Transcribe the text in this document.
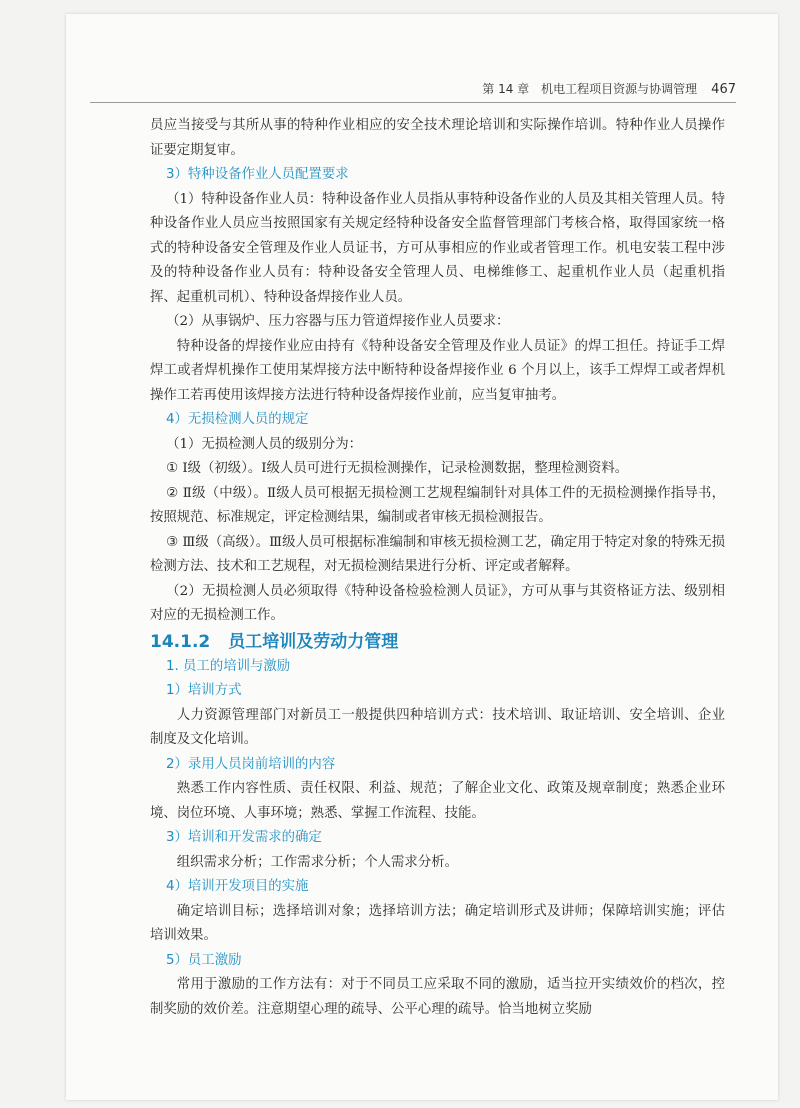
第 14 章　机电工程项目资源与协调管理 467

员应当接受与其所从事的特种作业相应的安全技术理论培训和实际操作培训。特种作业人员操作证要定期复审。

3）特种设备作业人员配置要求

（1）特种设备作业人员：特种设备作业人员指从事特种设备作业的人员及其相关管理人员。特种设备作业人员应当按照国家有关规定经特种设备安全监督管理部门考核合格，取得国家统一格式的特种设备安全管理及作业人员证书，方可从事相应的作业或者管理工作。机电安装工程中涉及的特种设备作业人员有：特种设备安全管理人员、电梯维修工、起重机作业人员（起重机指挥、起重机司机）、特种设备焊接作业人员。

（2）从事锅炉、压力容器与压力管道焊接作业人员要求：

特种设备的焊接作业应由持有《特种设备安全管理及作业人员证》的焊工担任。持证手工焊焊工或者焊机操作工使用某焊接方法中断特种设备焊接作业 6 个月以上，该手工焊焊工或者焊机操作工若再使用该焊接方法进行特种设备焊接作业前，应当复审抽考。

4）无损检测人员的规定

（1）无损检测人员的级别分为：

① Ⅰ级（初级）。Ⅰ级人员可进行无损检测操作，记录检测数据，整理检测资料。

② Ⅱ级（中级）。Ⅱ级人员可根据无损检测工艺规程编制针对具体工件的无损检测操作指导书，按照规范、标准规定，评定检测结果，编制或者审核无损检测报告。

③ Ⅲ级（高级）。Ⅲ级人员可根据标准编制和审核无损检测工艺，确定用于特定对象的特殊无损检测方法、技术和工艺规程，对无损检测结果进行分析、评定或者解释。

（2）无损检测人员必须取得《特种设备检验检测人员证》，方可从事与其资格证方法、级别相对应的无损检测工作。

14.1.2 员工培训及劳动力管理

1. 员工的培训与激励

1）培训方式

人力资源管理部门对新员工一般提供四种培训方式：技术培训、取证培训、安全培训、企业制度及文化培训。

2）录用人员岗前培训的内容

熟悉工作内容性质、责任权限、利益、规范；了解企业文化、政策及规章制度；熟悉企业环境、岗位环境、人事环境；熟悉、掌握工作流程、技能。

3）培训和开发需求的确定

组织需求分析；工作需求分析；个人需求分析。

4）培训开发项目的实施

确定培训目标；选择培训对象；选择培训方法；确定培训形式及讲师；保障培训实施；评估培训效果。

5）员工激励

常用于激励的工作方法有：对于不同员工应采取不同的激励，适当拉开实绩效价的档次，控制奖励的效价差。注意期望心理的疏导、公平心理的疏导。恰当地树立奖励
